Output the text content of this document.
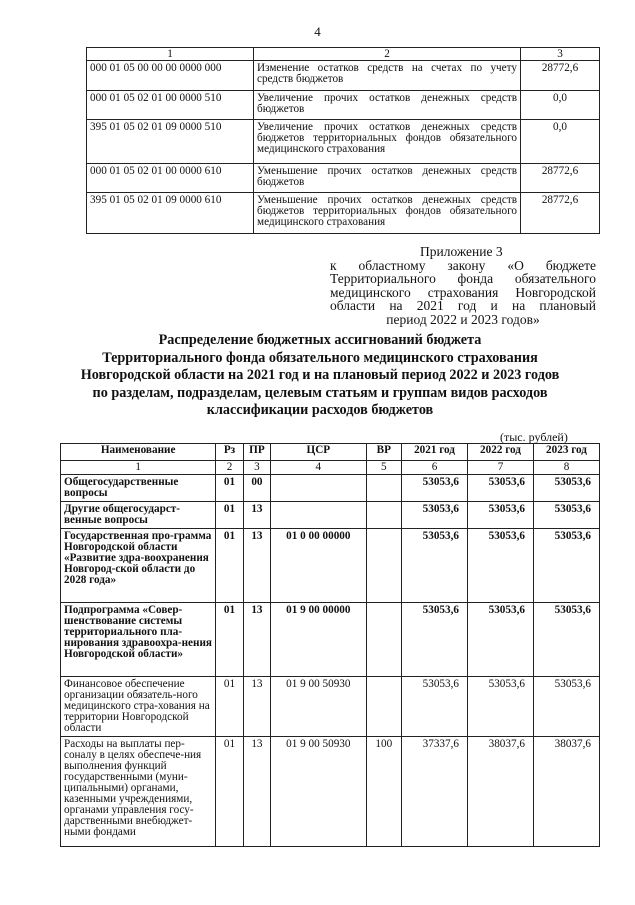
4
1	2	3
000 01 05 00 00 00 0000 000	Изменение остатков средств на счетах по учету средств бюджетов	28772,6
000 01 05 02 01 00 0000 510	Увеличение прочих остатков денежных средств бюджетов	0,0
395 01 05 02 01 09 0000 510	Увеличение прочих остатков денежных средств бюджетов территориальных фондов обязательного медицинского страхования	0,0
000 01 05 02 01 00 0000 610	Уменьшение прочих остатков денежных средств бюджетов	28772,6
395 01 05 02 01 09 0000 610	Уменьшение прочих остатков денежных средств бюджетов территориальных фондов обязательного медицинского страхования	28772,6
Приложение 3
к областному закону «О бюджете
Территориального фонда обязательного
медицинского страхования Новгородской
области на 2021 год и на плановый
период 2022 и 2023 годов»
Распределение бюджетных ассигнований бюджета
Территориального фонда обязательного медицинского страхования
Новгородской области на 2021 год и на плановый период 2022 и 2023 годов
по разделам, подразделам, целевым статьям и группам видов расходов
классификации расходов бюджетов
(тыс. рублей)
Наименование	Рз	ПР	ЦСР	ВР	2021 год	2022 год	2023 год
1	2	3	4	5	6	7	8
Общегосударственные вопросы	01	00			53053,6	53053,6	53053,6
Другие общегосударст-венные вопросы	01	13			53053,6	53053,6	53053,6
Государственная про-грамма Новгородской области «Развитие здра-воохранения Новгород-ской области до 2028 года»	01	13	01 0 00 00000		53053,6	53053,6	53053,6
Подпрограмма «Совер-шенствование системы территориального пла-нирования здравоохра-нения Новгородской области»	01	13	01 9 00 00000		53053,6	53053,6	53053,6
Финансовое обеспечение организации обязатель-ного медицинского стра-хования на территории Новгородской области	01	13	01 9 00 50930		53053,6	53053,6	53053,6
Расходы на выплаты пер-соналу в целях обеспече-ния выполнения функций государственными (муни-ципальными) органами, казенными учреждениями, органами управления госу-дарственными внебюджет-ными фондами	01	13	01 9 00 50930	100	37337,6	38037,6	38037,6
